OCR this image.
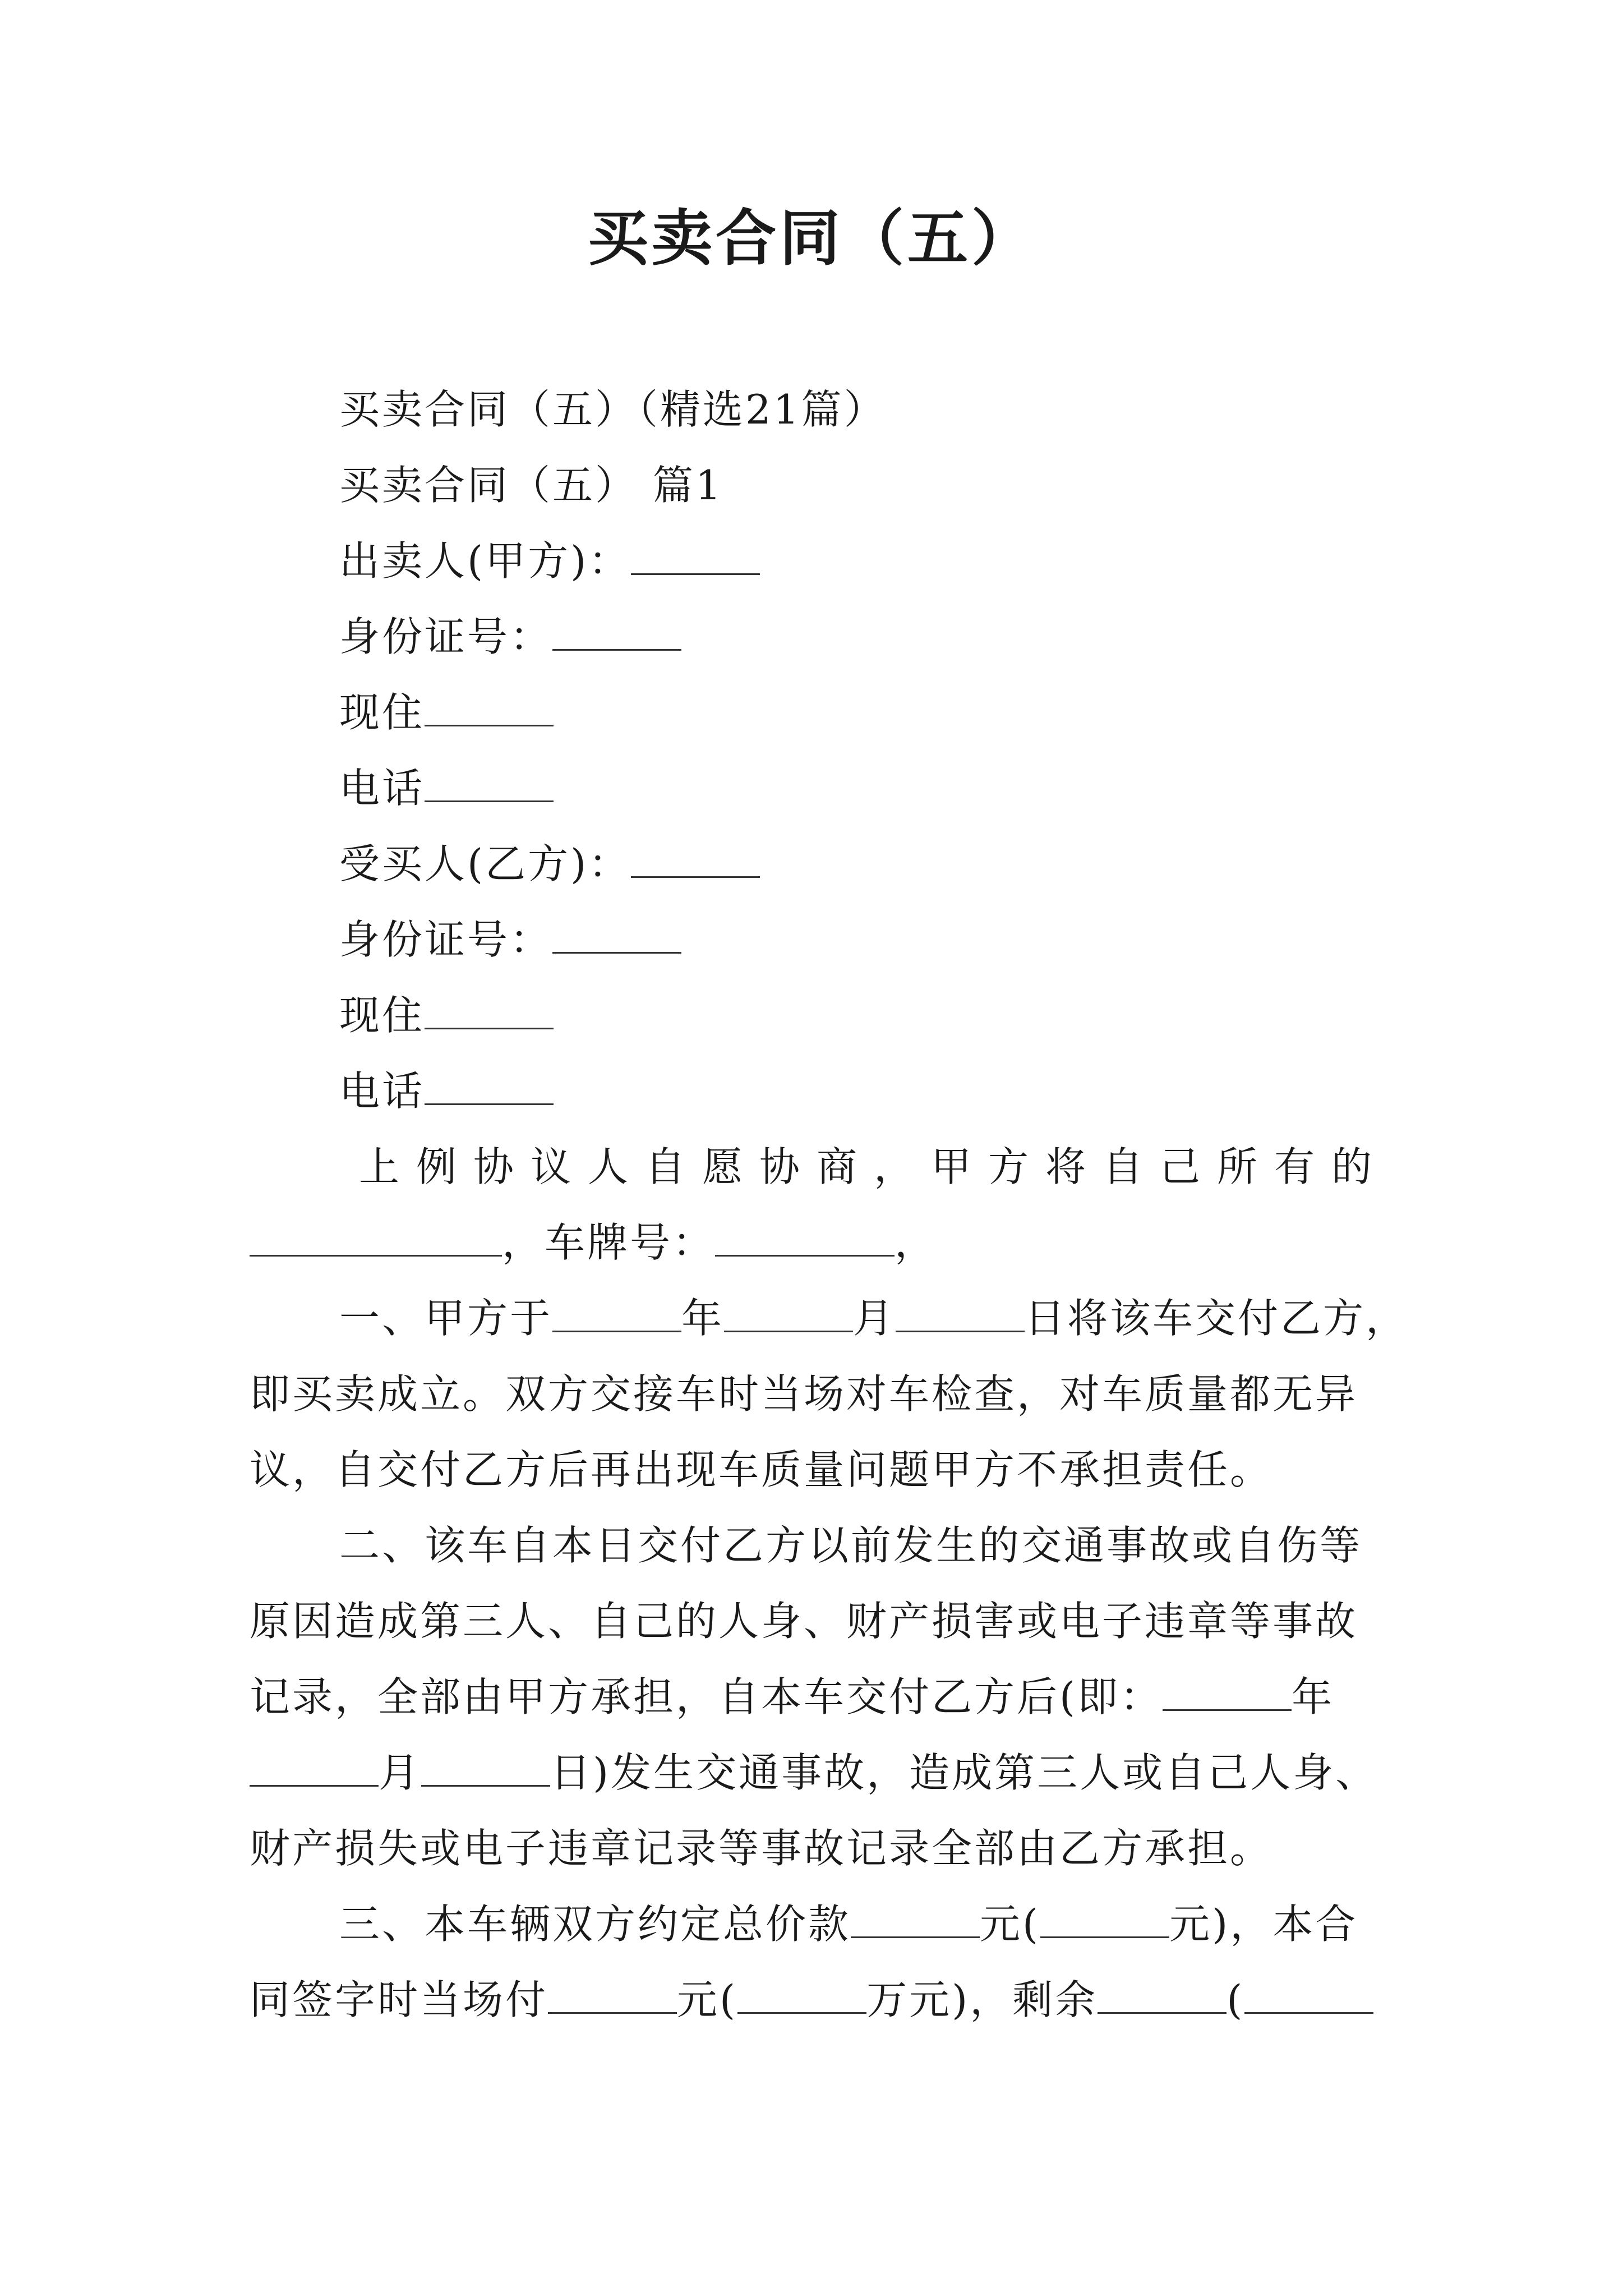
买卖合同（五）
买卖合同（五）（精选21篇）
买卖合同（五） 篇1
出卖人(甲方)：
身份证号：
现住
电话
受买人(乙方)：
身份证号：
现住
电话
上例协议人自愿协商，甲方将自己所有的
，车牌号：	，
一、甲方于	年	月	日将该车交付乙方，
即买卖成立。双方交接车时当场对车检查，对车质量都无异
议，自交付乙方后再出现车质量问题甲方不承担责任。
二、该车自本日交付乙方以前发生的交通事故或自伤等
原因造成第三人、自己的人身、财产损害或电子违章等事故
记录，全部由甲方承担，自本车交付乙方后(即：	年
月	日)发生交通事故，造成第三人或自己人身、
财产损失或电子违章记录等事故记录全部由乙方承担。
三、本车辆双方约定总价款	元(	元)，本合
同签字时当场付	元(	万元)，剩余	(
